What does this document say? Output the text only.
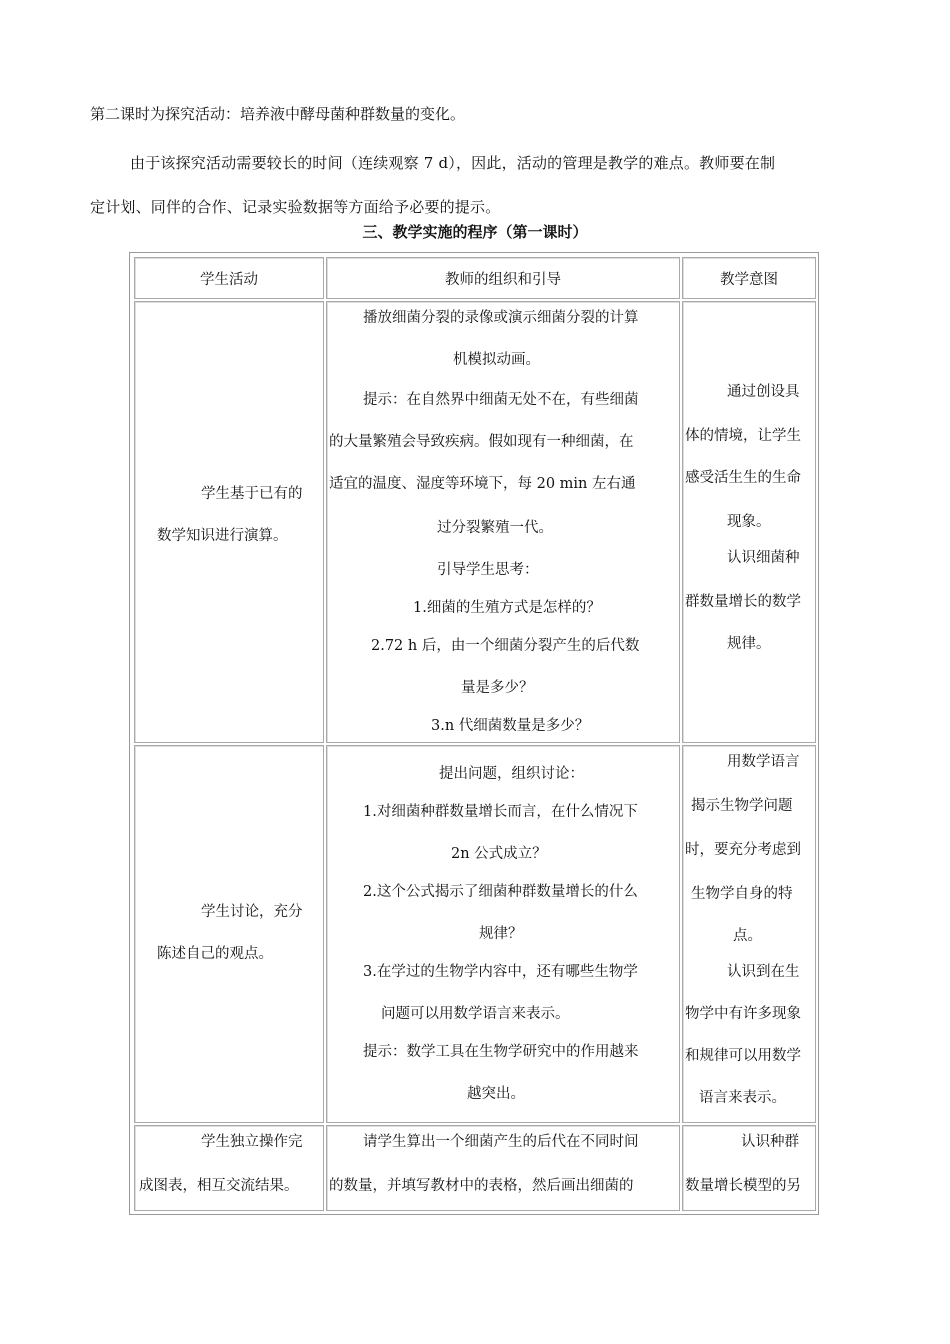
第二课时为探究活动：培养液中酵母菌种群数量的变化。
由于该探究活动需要较长的时间（连续观察 7 d），因此，活动的管理是教学的难点。教师要在制
定计划、同伴的合作、记录实验数据等方面给予必要的提示。
三、教学实施的程序（第一课时）
学生活动	教师的组织和引导	教学意图
学生基于已有的
数学知识进行演算。
播放细菌分裂的录像或演示细菌分裂的计算
机模拟动画。
提示：在自然界中细菌无处不在，有些细菌
的大量繁殖会导致疾病。假如现有一种细菌，在
适宜的温度、湿度等环境下，每 20 min 左右通
过分裂繁殖一代。
引导学生思考：
1.细菌的生殖方式是怎样的？
2.72 h 后，由一个细菌分裂产生的后代数
量是多少？
3.n 代细菌数量是多少？
通过创设具
体的情境，让学生
感受活生生的生命
现象。
认识细菌种
群数量增长的数学
规律。
学生讨论，充分
陈述自己的观点。
提出问题，组织讨论：
1.对细菌种群数量增长而言，在什么情况下
2n 公式成立？
2.这个公式揭示了细菌种群数量增长的什么
规律？
3.在学过的生物学内容中，还有哪些生物学
问题可以用数学语言来表示。
提示：数学工具在生物学研究中的作用越来
越突出。
用数学语言
揭示生物学问题
时，要充分考虑到
生物学自身的特
点。
认识到在生
物学中有许多现象
和规律可以用数学
语言来表示。
学生独立操作完
成图表，相互交流结果。
请学生算出一个细菌产生的后代在不同时间
的数量，并填写教材中的表格，然后画出细菌的
认识种群
数量增长模型的另
